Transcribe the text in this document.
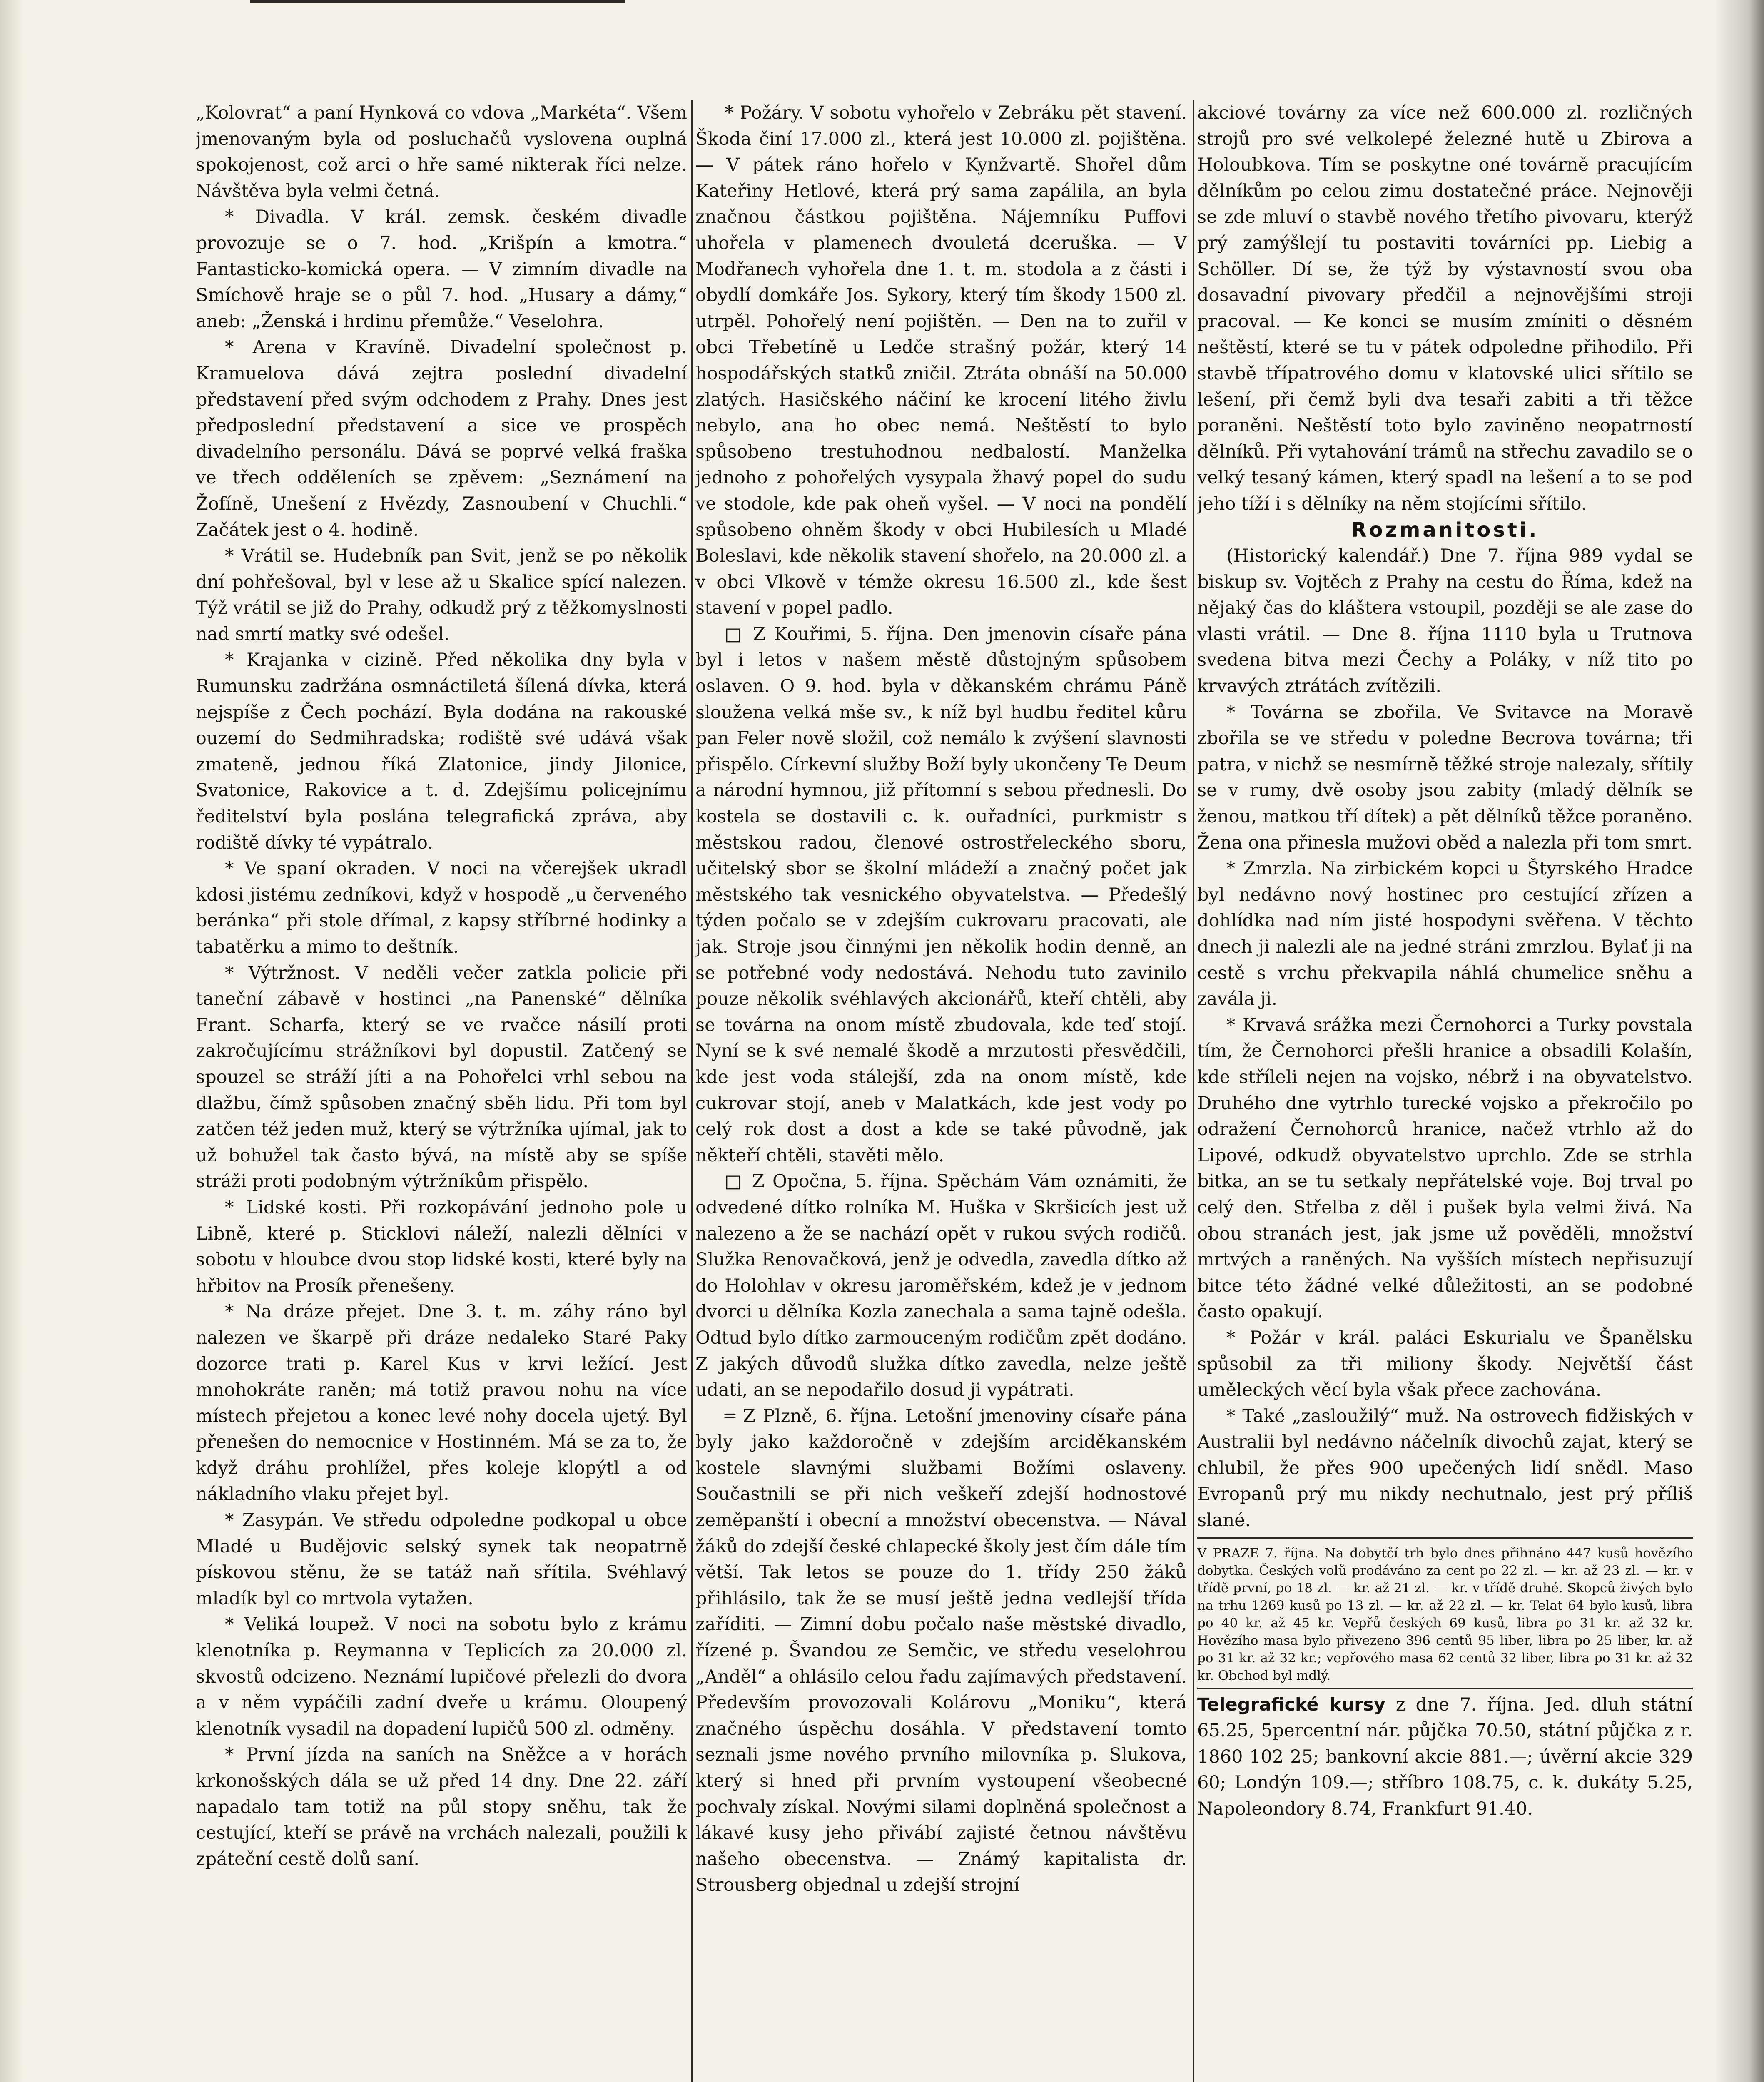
„Kolovrat“ a paní Hynková co vdova „Markéta“. Všem jmenovaným byla od posluchačů vyslovena ouplná spokojenost, což arci o hře samé nikterak říci nelze. Návštěva byla velmi četná.

* Divadla. V král. zemsk. českém divadle provozuje se o 7. hod. „Krišpín a kmotra.“ Fantasticko-komická opera. — V zimním divadle na Smíchově hraje se o půl 7. hod. „Husary a dámy,“ aneb: „Ženská i hrdinu přemůže.“ Veselohra.

* Arena v Kravíně. Divadelní společnost p. Kramuelova dává zejtra poslední divadelní představení před svým odchodem z Prahy. Dnes jest předposlední představení a sice ve prospěch divadelního personálu. Dává se poprvé velká fraška ve třech odděleních se zpěvem: „Seznámení na Žofíně, Unešení z Hvězdy, Zasnoubení v Chuchli.“ Začátek jest o 4. hodině.

* Vrátil se. Hudebník pan Svit, jenž se po několik dní pohřešoval, byl v lese až u Skalice spící nalezen. Týž vrátil se již do Prahy, odkudž prý z těžkomyslnosti nad smrtí matky své odešel.

* Krajanka v cizině. Před několika dny byla v Rumunsku zadržána osmnáctiletá šílená dívka, která nejspíše z Čech pochází. Byla dodána na rakouské ouzemí do Sedmihradska; rodiště své udává však zmateně, jednou říká Zlatonice, jindy Jilonice, Svatonice, Rakovice a t. d. Zdejšímu policejnímu ředitelství byla poslána telegrafická zpráva, aby rodiště dívky té vypátralo.

* Ve spaní okraden. V noci na včerejšek ukradl kdosi jistému zedníkovi, když v hospodě „u červeného beránka“ při stole dřímal, z kapsy stříbrné hodinky a tabatěrku a mimo to deštník.

* Výtržnost. V neděli večer zatkla policie při taneční zábavě v hostinci „na Panenské“ dělníka Frant. Scharfa, který se ve rvačce násilí proti zakročujícímu strážníkovi byl dopustil. Zatčený se spouzel se stráží jíti a na Pohořelci vrhl sebou na dlažbu, čímž spůsoben značný sběh lidu. Při tom byl zatčen též jeden muž, který se výtržníka ujímal, jak to už bohužel tak často bývá, na místě aby se spíše stráži proti podobným výtržníkům přispělo.

* Lidské kosti. Při rozkopávání jednoho pole u Libně, které p. Sticklovi náleží, nalezli dělníci v sobotu v hloubce dvou stop lidské kosti, které byly na hřbitov na Prosík přenešeny.

* Na dráze přejet. Dne 3. t. m. záhy ráno byl nalezen ve škarpě při dráze nedaleko Staré Paky dozorce trati p. Karel Kus v krvi ležící. Jest mnohokráte raněn; má totiž pravou nohu na více místech přejetou a konec levé nohy docela ujetý. Byl přenešen do nemocnice v Hostinném. Má se za to, že když dráhu prohlížel, přes koleje klopýtl a od nákladního vlaku přejet byl.

* Zasypán. Ve středu odpoledne podkopal u obce Mladé u Budějovic selský synek tak neopatrně pískovou stěnu, že se tatáž naň sřítila. Svéhlavý mladík byl co mrtvola vytažen.

* Veliká loupež. V noci na sobotu bylo z krámu klenotníka p. Reymanna v Teplicích za 20.000 zl. skvostů odcizeno. Neznámí lupičové přelezli do dvora a v něm vypáčili zadní dveře u krámu. Oloupený klenotník vysadil na dopadení lupičů 500 zl. odměny.

* První jízda na saních na Sněžce a v horách krkonošských dála se už před 14 dny. Dne 22. září napadalo tam totiž na půl stopy sněhu, tak že cestující, kteří se právě na vrchách nalezali, použili k zpáteční cestě dolů saní.

* Požáry. V sobotu vyhořelo v Zebráku pět stavení. Škoda činí 17.000 zl., která jest 10.000 zl. pojištěna. — V pátek ráno hořelo v Kynžvartě. Shořel dům Kateřiny Hetlové, která prý sama zapálila, an byla značnou částkou pojištěna. Nájemníku Puffovi uhořela v plamenech dvouletá dceruška. — V Modřanech vyhořela dne 1. t. m. stodola a z části i obydlí domkáře Jos. Sykory, který tím škody 1500 zl. utrpěl. Pohořelý není pojištěn. — Den na to zuřil v obci Třebetíně u Ledče strašný požár, který 14 hospodářských statků zničil. Ztráta obnáší na 50.000 zlatých. Hasičského náčiní ke krocení litého živlu nebylo, ana ho obec nemá. Neštěstí to bylo spůsobeno trestuhodnou nedbalostí. Manželka jednoho z pohořelých vysypala žhavý popel do sudu ve stodole, kde pak oheň vyšel. — V noci na pondělí spůsobeno ohněm škody v obci Hubilesích u Mladé Boleslavi, kde několik stavení shořelo, na 20.000 zl. a v obci Vlkově v témže okresu 16.500 zl., kde šest stavení v popel padlo.

□ Z Kouřimi, 5. října. Den jmenovin císaře pána byl i letos v našem městě důstojným spůsobem oslaven. O 9. hod. byla v děkanském chrámu Páně sloužena velká mše sv., k níž byl hudbu ředitel kůru pan Feler nově složil, což nemálo k zvýšení slavnosti přispělo. Církevní služby Boží byly ukončeny Te Deum a národní hymnou, již přítomní s sebou přednesli. Do kostela se dostavili c. k. ouřadníci, purkmistr s městskou radou, členové ostrostřeleckého sboru, učitelský sbor se školní mládeží a značný počet jak městského tak vesnického obyvatelstva. — Předešlý týden počalo se v zdejším cukrovaru pracovati, ale jak. Stroje jsou činnými jen několik hodin denně, an se potřebné vody nedostává. Nehodu tuto zavinilo pouze několik svéhlavých akcionářů, kteří chtěli, aby se továrna na onom místě zbudovala, kde teď stojí. Nyní se k své nemalé škodě a mrzutosti přesvědčili, kde jest voda stálejší, zda na onom místě, kde cukrovar stojí, aneb v Malatkách, kde jest vody po celý rok dost a dost a kde se také původně, jak někteří chtěli, stavěti mělo.

□ Z Opočna, 5. října. Spěchám Vám oznámiti, že odvedené dítko rolníka M. Huška v Skršicích jest už nalezeno a že se nachází opět v rukou svých rodičů. Služka Renovačková, jenž je odvedla, zavedla dítko až do Holohlav v okresu jaroměřském, kdež je v jednom dvorci u dělníka Kozla zanechala a sama tajně odešla. Odtud bylo dítko zarmouceným rodičům zpět dodáno. Z jakých důvodů služka dítko zavedla, nelze ještě udati, an se nepodařilo dosud ji vypátrati.

═ Z Plzně, 6. října. Letošní jmenoviny císaře pána byly jako každoročně v zdejším arciděkanském kostele slavnými službami Božími oslaveny. Součastnili se při nich veškeří zdejší hodnostové zeměpanští i obecní a množství obecenstva. — Nával žáků do zdejší české chlapecké školy jest čím dále tím větší. Tak letos se pouze do 1. třídy 250 žáků přihlásilo, tak že se musí ještě jedna vedlejší třída zaříditi. — Zimní dobu počalo naše městské divadlo, řízené p. Švandou ze Semčic, ve středu veselohrou „Anděl“ a ohlásilo celou řadu zajímavých představení. Především provozovali Kolárovu „Moniku“, která značného úspěchu dosáhla. V představení tomto seznali jsme nového prvního milovníka p. Slukova, který si hned při prvním vystoupení všeobecné pochvaly získal. Novými silami doplněná společnost a lákavé kusy jeho přivábí zajisté četnou návštěvu našeho obecenstva. — Známý kapitalista dr. Strousberg objednal u zdejší strojní

akciové továrny za více než 600.000 zl. rozličných strojů pro své velkolepé železné hutě u Zbirova a Holoubkova. Tím se poskytne oné továrně pracujícím dělníkům po celou zimu dostatečné práce. Nejnověji se zde mluví o stavbě nového třetího pivovaru, kterýž prý zamýšlejí tu postaviti továrníci pp. Liebig a Schöller. Dí se, že týž by výstavností svou oba dosavadní pivovary předčil a nejnovějšími stroji pracoval. — Ke konci se musím zmíniti o děsném neštěstí, které se tu v pátek odpoledne přihodilo. Při stavbě třípatrového domu v klatovské ulici sřítilo se lešení, při čemž byli dva tesaři zabiti a tři těžce poraněni. Neštěstí toto bylo zaviněno neopatrností dělníků. Při vytahování trámů na střechu zavadilo se o velký tesaný kámen, který spadl na lešení a to se pod jeho tíží i s dělníky na něm stojícími sřítilo.

Rozmanitosti.

(Historický kalendář.) Dne 7. října 989 vydal se biskup sv. Vojtěch z Prahy na cestu do Říma, kdež na nějaký čas do kláštera vstoupil, později se ale zase do vlasti vrátil. — Dne 8. října 1110 byla u Trutnova svedena bitva mezi Čechy a Poláky, v níž tito po krvavých ztrátách zvítězili.

* Továrna se zbořila. Ve Svitavce na Moravě zbořila se ve středu v poledne Becrova továrna; tři patra, v nichž se nesmírně těžké stroje nalezaly, sřítily se v rumy, dvě osoby jsou zabity (mladý dělník se ženou, matkou tří dítek) a pět dělníků těžce poraněno. Žena ona přinesla mužovi oběd a nalezla při tom smrt.

* Zmrzla. Na zirbickém kopci u Štyrského Hradce byl nedávno nový hostinec pro cestující zřízen a dohlídka nad ním jisté hospodyni svěřena. V těchto dnech ji nalezli ale na jedné stráni zmrzlou. Bylať ji na cestě s vrchu překvapila náhlá chumelice sněhu a zavála ji.

* Krvavá srážka mezi Černohorci a Turky povstala tím, že Černohorci přešli hranice a obsadili Kolašín, kde stříleli nejen na vojsko, nébrž i na obyvatelstvo. Druhého dne vytrhlo turecké vojsko a překročilo po odražení Černohorců hranice, načež vtrhlo až do Lipové, odkudž obyvatelstvo uprchlo. Zde se strhla bitka, an se tu setkaly nepřátelské voje. Boj trval po celý den. Střelba z děl i pušek byla velmi živá. Na obou stranách jest, jak jsme už pověděli, množství mrtvých a raněných. Na vyšších místech nepřisuzují bitce této žádné velké důležitosti, an se podobné často opakují.

* Požár v král. paláci Eskurialu ve Španělsku spůsobil za tři miliony škody. Největší část uměleckých věcí byla však přece zachována.

* Také „zasloužilý“ muž. Na ostrovech fidžiských v Australii byl nedávno náčelník divochů zajat, který se chlubil, že přes 900 upečených lidí snědl. Maso Evropanů prý mu nikdy nechutnalo, jest prý příliš slané.

V PRAZE 7. října. Na dobytčí trh bylo dnes přihnáno 447 kusů hovězího dobytka. Českých volů prodáváno za cent po 22 zl. — kr. až 23 zl. — kr. v třídě první, po 18 zl. — kr. až 21 zl. — kr. v třídě druhé. Skopců živých bylo na trhu 1269 kusů po 13 zl. — kr. až 22 zl. — kr. Telat 64 bylo kusů, libra po 40 kr. až 45 kr. Vepřů českých 69 kusů, libra po 31 kr. až 32 kr. Hovězího masa bylo přivezeno 396 centů 95 liber, libra po 25 liber, kr. až po 31 kr. až 32 kr.; vepřového masa 62 centů 32 liber, libra po 31 kr. až 32 kr. Obchod byl mdlý.

Telegrafické kursy z dne 7. října. Jed. dluh státní 65.25, 5percentní nár. půjčka 70.50, státní půjčka z r. 1860 102 25; bankovní akcie 881.—; úvěrní akcie 329 60; Londýn 109.—; stříbro 108.75, c. k. dukáty 5.25, Napoleondory 8.74, Frankfurt 91.40.
